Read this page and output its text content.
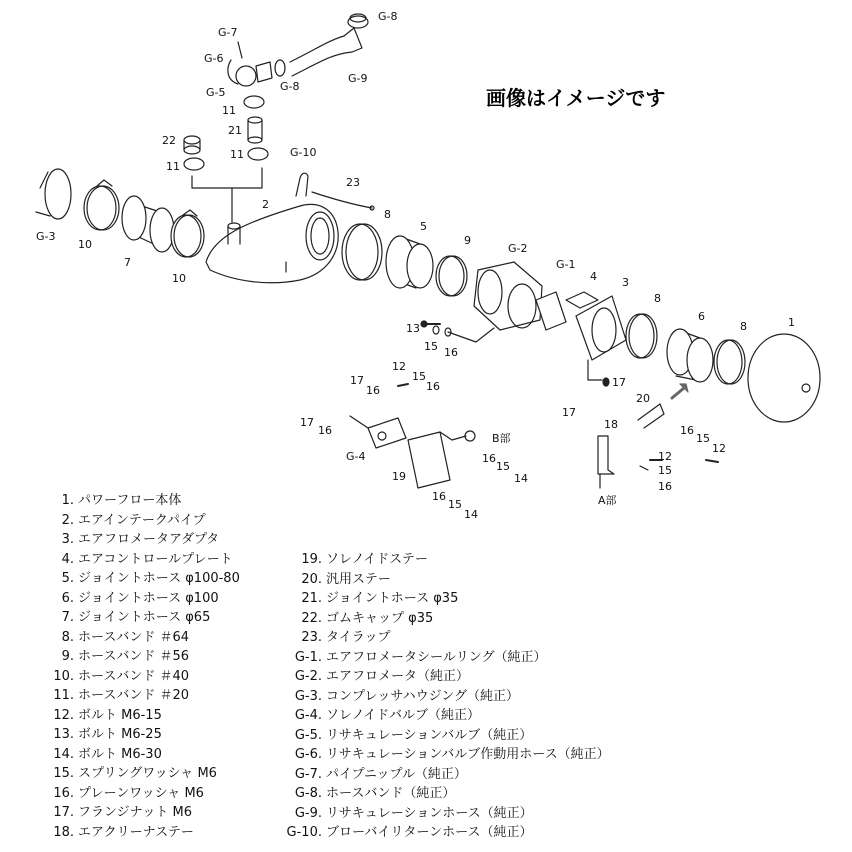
G-3
10
7
10
22
11
11
21
11
G-7
G-6
G-5	G-8
G-8
G-9
2
G-10
23
8
5
9
G-2
G-1
4 3
8
6
8	1
13
15 16
17
12
15
17
16	16
17
16
G-4
B部
16
15
14
19
16
15
14
20
17
18	16
15
12
12
15
16
A部
画像はイメージです
1. パワーフロー本体
2. エアインテークパイプ
3. エアフロメータアダプタ
4. エアコントロールプレート
5. ジョイントホース φ100-80
6. ジョイントホース φ100
7. ジョイントホース φ65
8. ホースバンド ＃64
9. ホースバンド ＃56
10. ホースバンド ＃40
11. ホースバンド ＃20
12. ボルト M6-15
13. ボルト M6-25
14. ボルト M6-30
15. スプリングワッシャ M6
16. プレーンワッシャ M6
17. フランジナット M6
18. エアクリーナステー
19. ソレノイドステー
20. 汎用ステー
21. ジョイントホース φ35
22. ゴムキャップ φ35
23. タイラップ
G-1. エアフロメータシールリング（純正）
G-2. エアフロメータ（純正）
G-3. コンプレッサハウジング（純正）
G-4. ソレノイドバルブ（純正）
G-5. リサキュレーションバルブ（純正）
G-6. リサキュレーションバルブ作動用ホース（純正）
G-7. パイプニップル（純正）
G-8. ホースバンド（純正）
G-9. リサキュレーションホース（純正）
G-10. ブローバイリターンホース（純正）
